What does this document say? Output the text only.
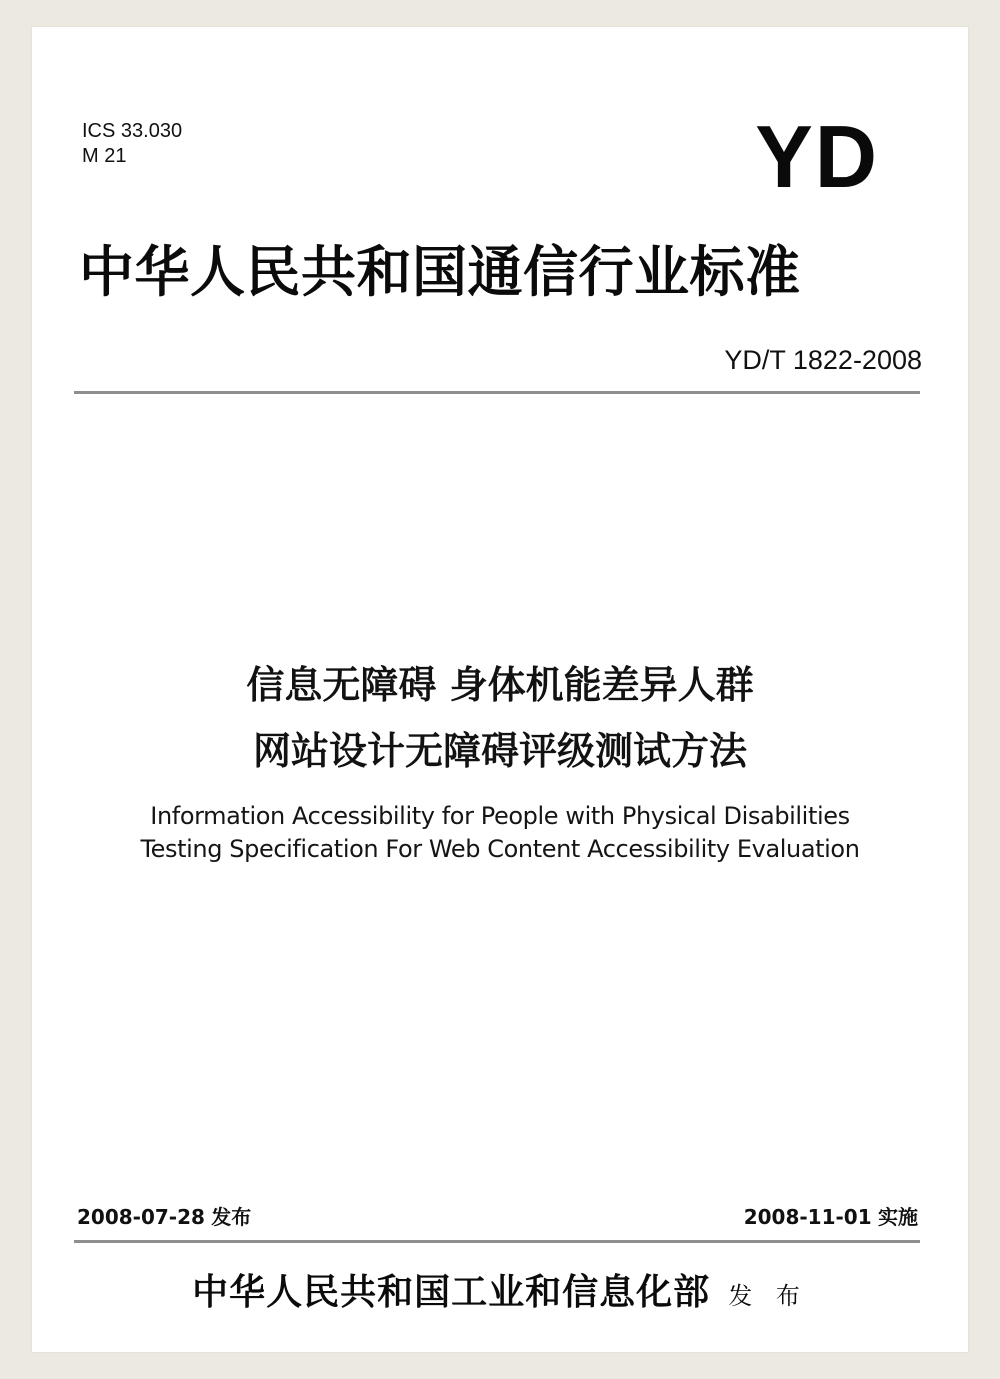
ICS 33.030
M 21	YD
中华人民共和国通信行业标准
YD/T 1822-2008
信息无障碍 身体机能差异人群
网站设计无障碍评级测试方法
Information Accessibility for People with Physical Disabilities
Testing Specification For Web Content Accessibility Evaluation
2008-07-28 发布	2008-11-01 实施
中华人民共和国工业和信息化部 发 布
